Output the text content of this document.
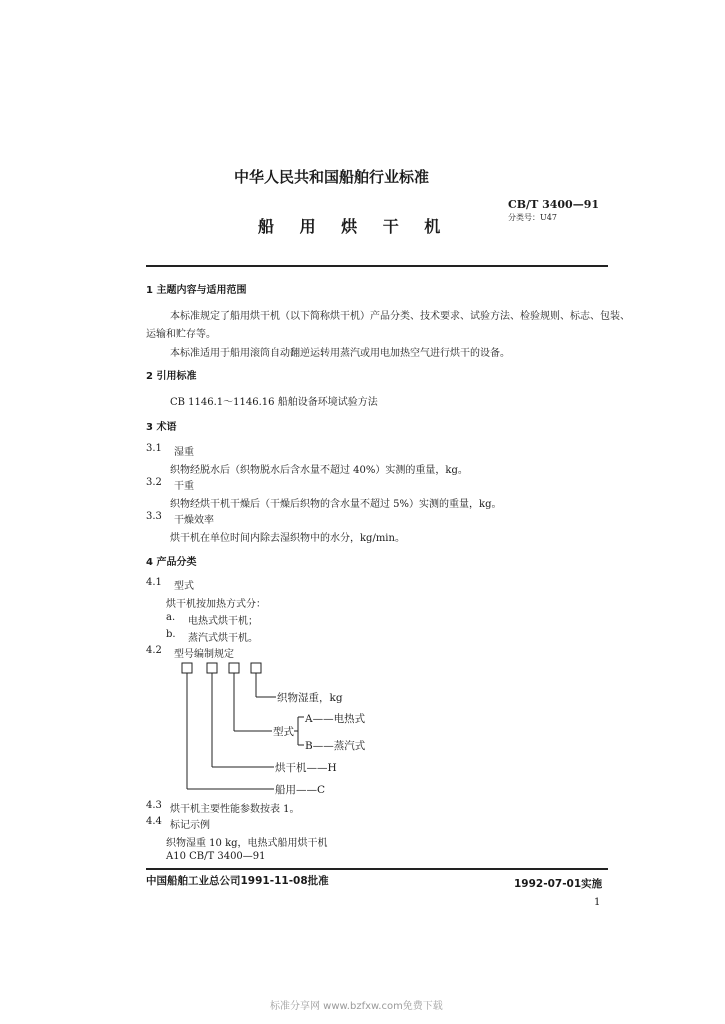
中华人民共和国船舶行业标准
船 用 烘 干 机
CB/T 3400—91
分类号：U47
1 主题内容与适用范围
本标准规定了船用烘干机（以下简称烘干机）产品分类、技术要求、试验方法、检验规则、标志、包装、
运输和贮存等。
本标准适用于船用滚筒自动翻逆运转用蒸汽或用电加热空气进行烘干的设备。
2 引用标准
CB 1146.1～1146.16 船舶设备环境试验方法
3 术语
3.1 湿重
织物经脱水后（织物脱水后含水量不超过 40%）实测的重量，kg。
3.2 干重
织物经烘干机干燥后（干燥后织物的含水量不超过 5%）实测的重量，kg。
3.3 干燥效率
烘干机在单位时间内除去湿织物中的水分，kg/min。
4 产品分类
4.1 型式
烘干机按加热方式分：
a. 电热式烘干机；
b. 蒸汽式烘干机。
4.2 型号编制规定
织物湿重，kg
型式
A——电热式
B——蒸汽式
烘干机——H
船用——C
4.3 烘干机主要性能参数按表 1。
4.4 标记示例
织物湿重 10 kg，电热式船用烘干机
A10 CB/T 3400—91
中国船舶工业总公司1991-11-08批准	1992-07-01实施
1
标准分享网 www.bzfxw.com免费下载
